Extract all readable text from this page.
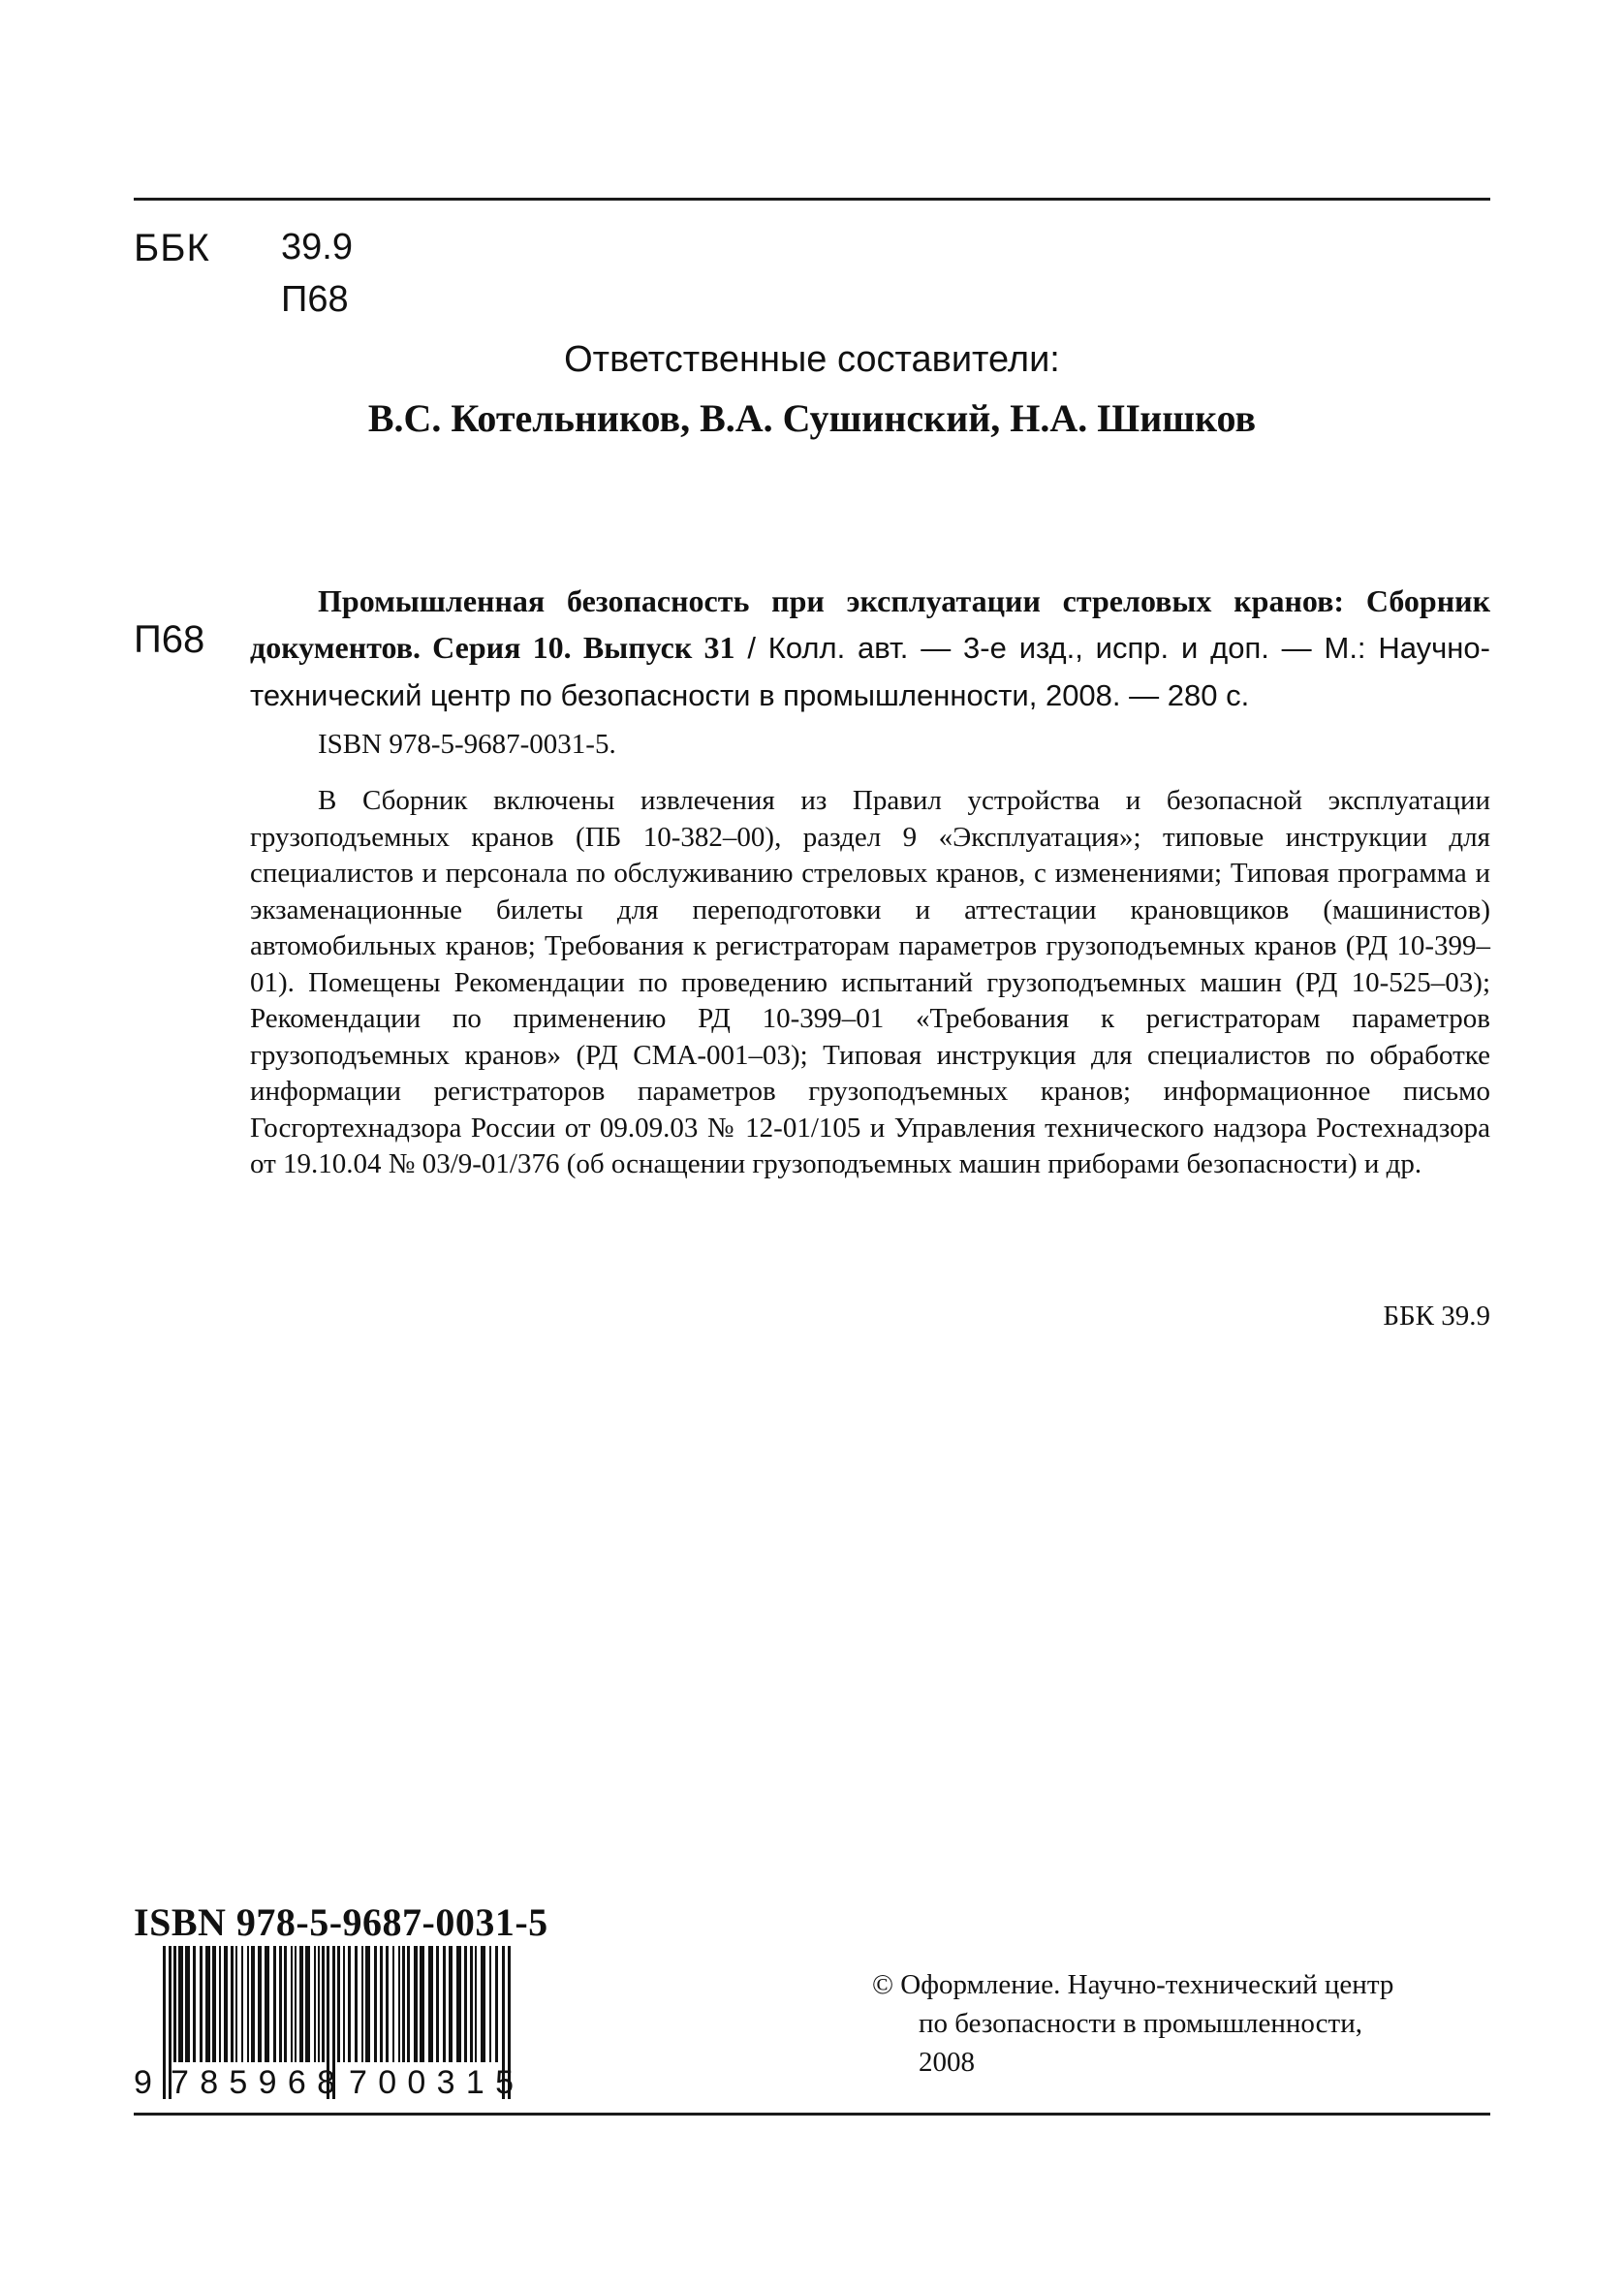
ББК 39.9
П68
Ответственные составители:
В.С. Котельников, В.А. Сушинский, Н.А. Шишков
П68
Промышленная безопасность при эксплуатации стреловых кранов: Сборник документов. Серия 10. Выпуск 31 / Колл. авт. — 3-е изд., испр. и доп. — М.: Научно-технический центр по безопасности в промышленности, 2008. — 280 с.
ISBN 978-5-9687-0031-5.
В Сборник включены извлечения из Правил устройства и безопасной эксплуатации грузоподъемных кранов (ПБ 10-382–00), раздел 9 «Эксплуатация»; типовые инструкции для специалистов и персонала по обслуживанию стреловых кранов, с изменениями; Типовая программа и экзаменационные билеты для переподготовки и аттестации крановщиков (машинистов) автомобильных кранов; Требования к регистраторам параметров грузоподъемных кранов (РД 10-399–01). Помещены Рекомендации по проведению испытаний грузоподъемных машин (РД 10-525–03); Рекомендации по применению РД 10-399–01 «Требования к регистраторам параметров грузоподъемных кранов» (РД СМА-001–03); Типовая инструкция для специалистов по обработке информации регистраторов параметров грузоподъемных кранов; информационное письмо Госгортехнадзора России от 09.09.03 № 12-01/105 и Управления технического надзора Ростехнадзора от 19.10.04 № 03/9-01/376 (об оснащении грузоподъемных машин приборами безопасности) и др.
ББК 39.9
ISBN 978-5-9687-0031-5
9 785968 700315
© Оформление. Научно-технический центр
по безопасности в промышленности,
2008
